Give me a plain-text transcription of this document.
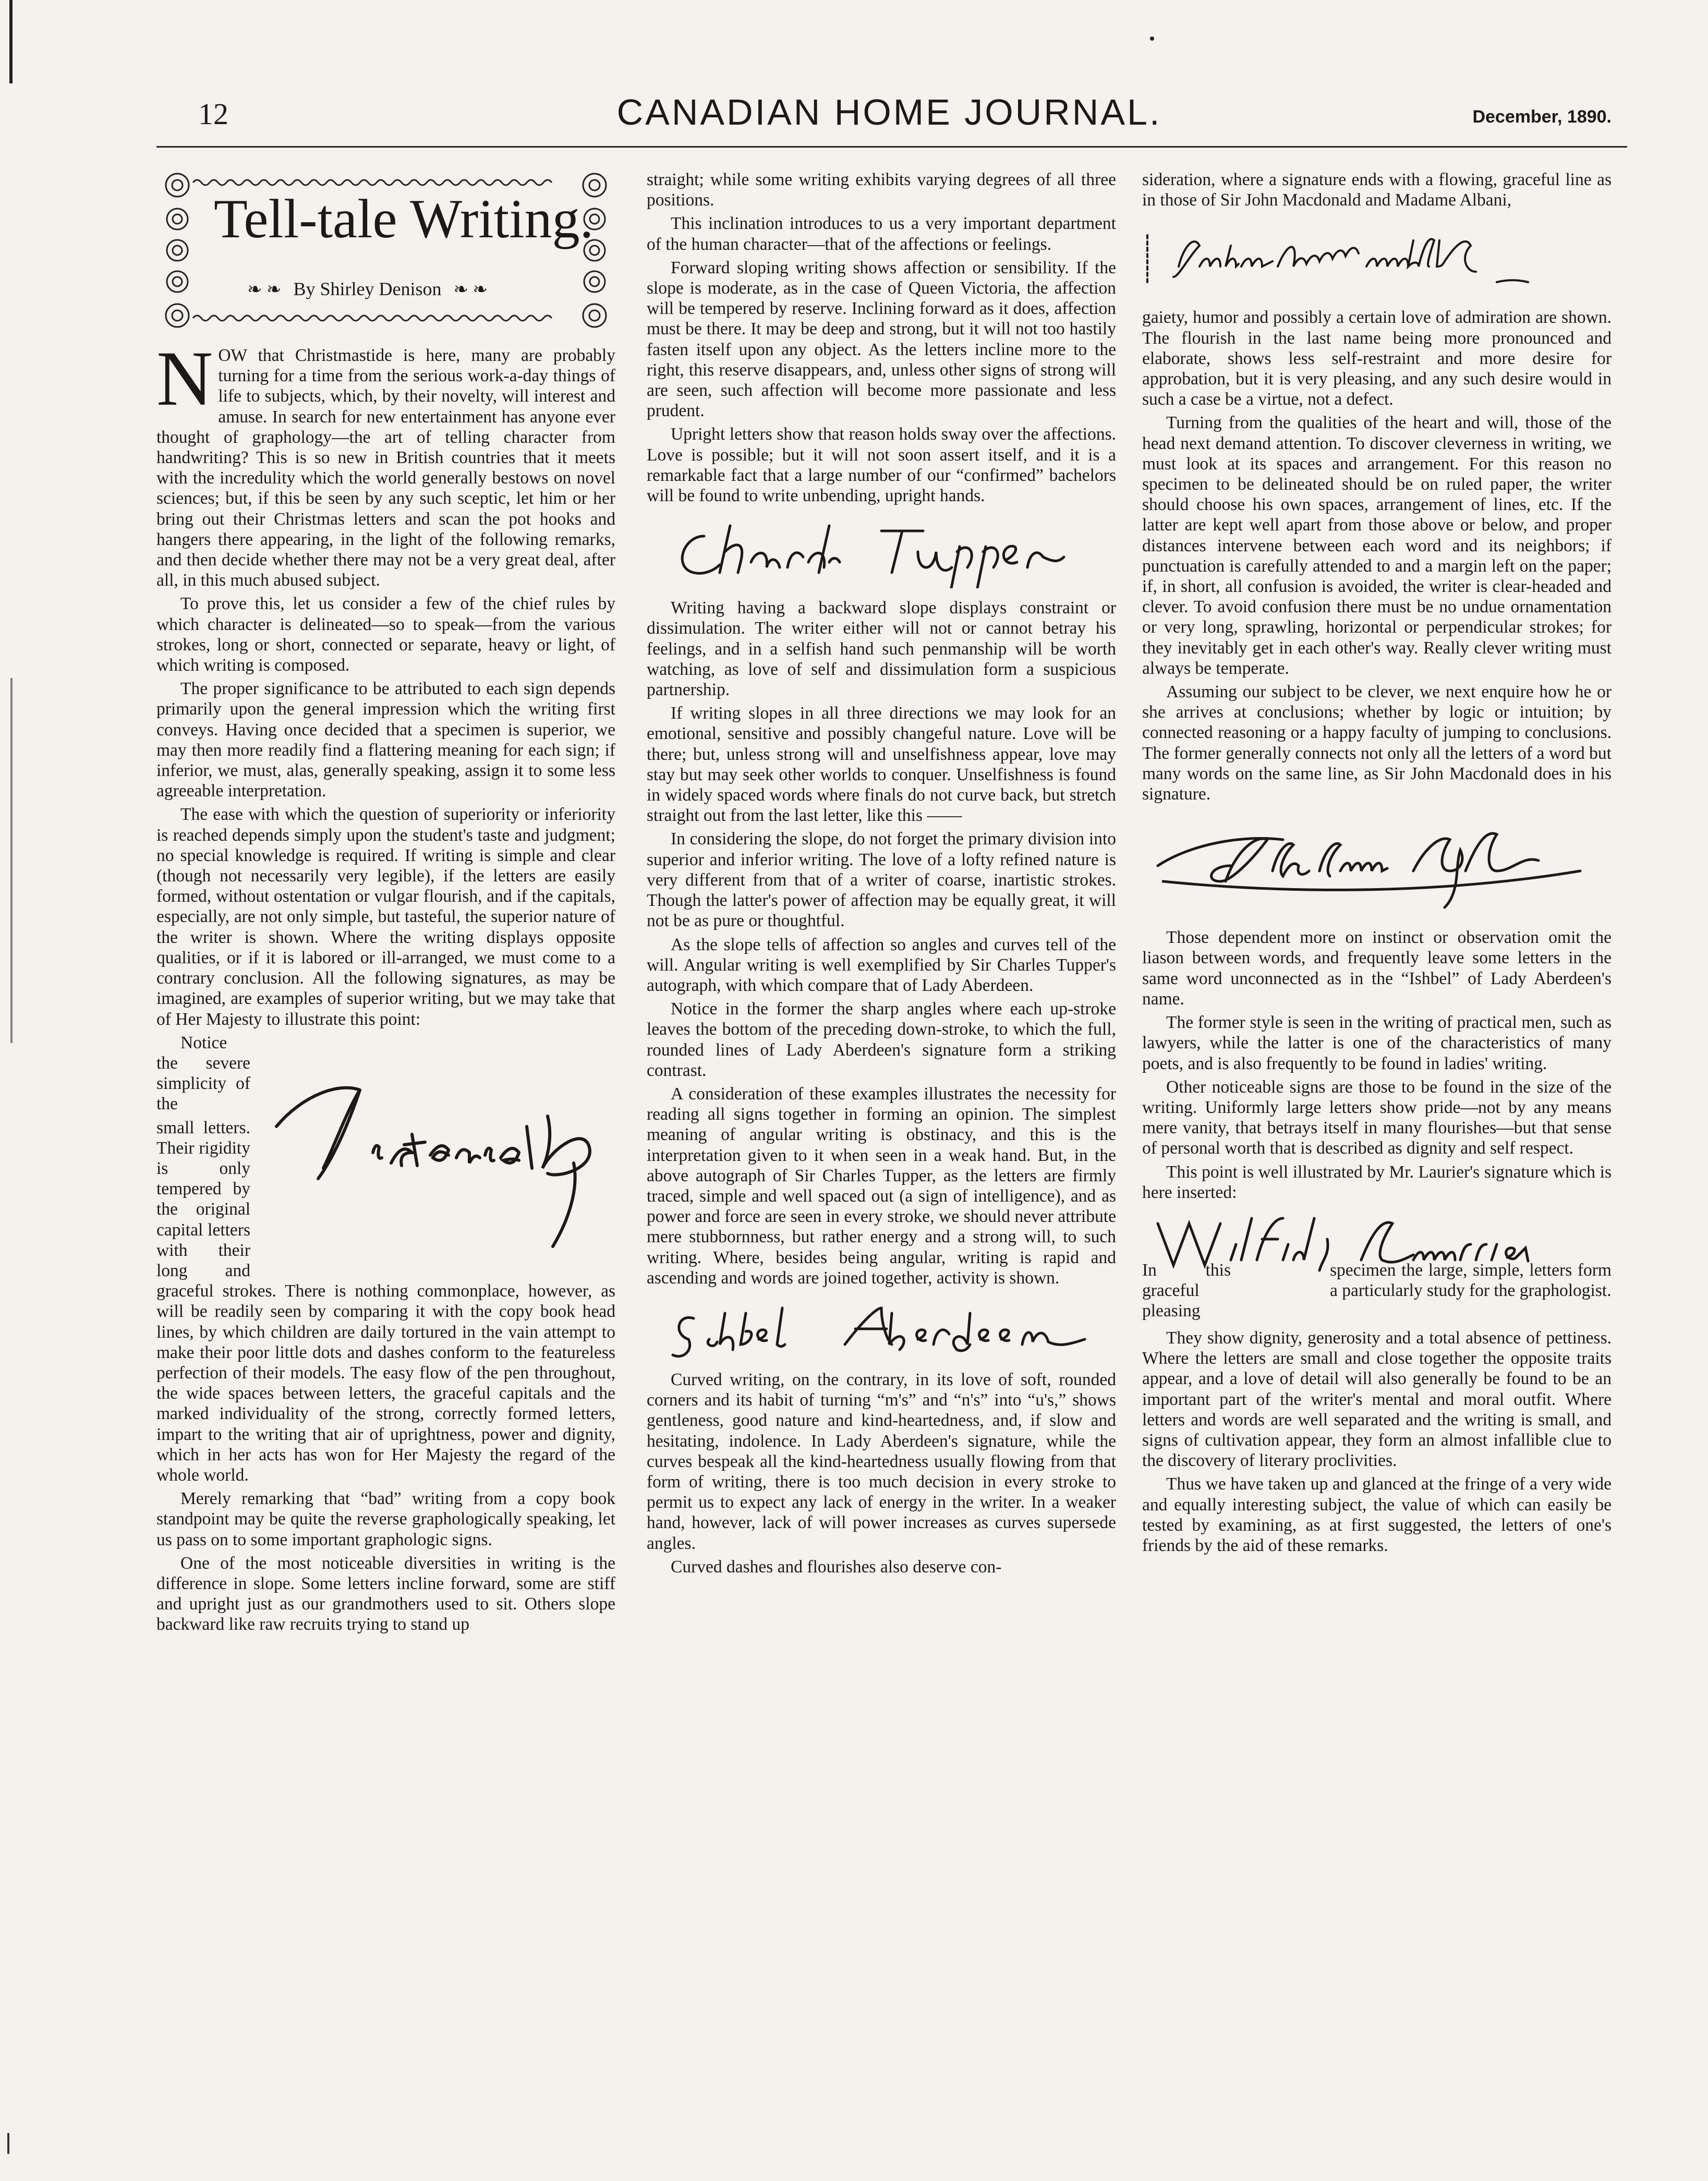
12	CANADIAN HOME JOURNAL.	December, 1890.
Tell-tale Writing.
❧ ❧ By Shirley Denison ❧ ❧

NOW that Christmastide is here, many are probably turning for a time from the serious work-a-day things of life to subjects, which, by their novelty, will interest and amuse. In search for new entertainment has anyone ever thought of graphology—the art of telling character from handwriting? This is so new in British countries that it meets with the incredulity which the world generally bestows on novel sciences; but, if this be seen by any such sceptic, let him or her bring out their Christmas letters and scan the pot hooks and hangers there appearing, in the light of the following remarks, and then decide whether there may not be a very great deal, after all, in this much abused subject.

To prove this, let us consider a few of the chief rules by which character is delineated—so to speak—from the various strokes, long or short, connected or separate, heavy or light, of which writing is composed.

The proper significance to be attributed to each sign depends primarily upon the general impression which the writing first conveys. Having once decided that a specimen is superior, we may then more readily find a flattering meaning for each sign; if inferior, we must, alas, generally speaking, assign it to some less agreeable interpretation.

The ease with which the question of superiority or inferiority is reached depends simply upon the student's taste and judgment; no special knowledge is required. If writing is simple and clear (though not necessarily very legible), if the letters are easily formed, without ostentation or vulgar flourish, and if the capitals, especially, are not only simple, but tasteful, the superior nature of the writer is shown. Where the writing displays opposite qualities, or if it is labored or ill-arranged, we must come to a contrary conclusion. All the following signatures, as may be imagined, are examples of superior writing, but we may take that of Her Majesty to illustrate this point:

Notice the severe simplicity of the

small letters. Their rigidity is only tempered by the original capital letters with their long and graceful strokes. There is nothing commonplace, however, as will be readily seen by comparing it with the copy book head lines, by which children are daily tortured in the vain attempt to make their poor little dots and dashes conform to the featureless perfection of their models. The easy flow of the pen throughout, the wide spaces between letters, the graceful capitals and the marked individuality of the strong, correctly formed letters, impart to the writing that air of uprightness, power and dignity, which in her acts has won for Her Majesty the regard of the whole world.

Merely remarking that “bad” writing from a copy book standpoint may be quite the reverse graphologically speaking, let us pass on to some important graphologic signs.

One of the most noticeable diversities in writing is the difference in slope. Some letters incline forward, some are stiff and upright just as our grandmothers used to sit. Others slope backward like raw recruits trying to stand up

straight; while some writing exhibits varying degrees of all three positions.

This inclination introduces to us a very important department of the human character—that of the affections or feelings.

Forward sloping writing shows affection or sensibility. If the slope is moderate, as in the case of Queen Victoria, the affection will be tempered by reserve. Inclining forward as it does, affection must be there. It may be deep and strong, but it will not too hastily fasten itself upon any object. As the letters incline more to the right, this reserve disappears, and, unless other signs of strong will are seen, such affection will become more passionate and less prudent.

Upright letters show that reason holds sway over the affections. Love is possible; but it will not soon assert itself, and it is a remarkable fact that a large number of our “confirmed” bachelors will be found to write unbending, upright hands.

Writing having a backward slope displays constraint or dissimulation. The writer either will not or cannot betray his feelings, and in a selfish hand such penmanship will be worth watching, as love of self and dissimulation form a suspicious partnership.

If writing slopes in all three directions we may look for an emotional, sensitive and possibly changeful nature. Love will be there; but, unless strong will and unselfishness appear, love may stay but may seek other worlds to conquer. Unselfishness is found in widely spaced words where finals do not curve back, but stretch straight out from the last letter, like this ——

In considering the slope, do not forget the primary division into superior and inferior writing. The love of a lofty refined nature is very different from that of a writer of coarse, inartistic strokes. Though the latter's power of affection may be equally great, it will not be as pure or thoughtful.

As the slope tells of affection so angles and curves tell of the will. Angular writing is well exemplified by Sir Charles Tupper's autograph, with which compare that of Lady Aberdeen.

Notice in the former the sharp angles where each up-stroke leaves the bottom of the preceding down-stroke, to which the full, rounded lines of Lady Aberdeen's signature form a striking contrast.

A consideration of these examples illustrates the necessity for reading all signs together in forming an opinion. The simplest meaning of angular writing is obstinacy, and this is the interpretation given to it when seen in a weak hand. But, in the above autograph of Sir Charles Tupper, as the letters are firmly traced, simple and well spaced out (a sign of intelligence), and as power and force are seen in every stroke, we should never attribute mere stubbornness, but rather energy and a strong will, to such writing. Where, besides being angular, writing is rapid and ascending and words are joined together, activity is shown.

Curved writing, on the contrary, in its love of soft, rounded corners and its habit of turning “m's” and “n's” into “u's,” shows gentleness, good nature and kind-heartedness, and, if slow and hesitating, indolence. In Lady Aberdeen's signature, while the curves bespeak all the kind-heartedness usually flowing from that form of writing, there is too much decision in every stroke to permit us to expect any lack of energy in the writer. In a weaker hand, however, lack of will power increases as curves supersede angles.

Curved dashes and flourishes also deserve con-

sideration, where a signature ends with a flowing, graceful line as in those of Sir John Macdonald and Madame Albani,

gaiety, humor and possibly a certain love of admiration are shown. The flourish in the last name being more pronounced and elaborate, shows less self-restraint and more desire for approbation, but it is very pleasing, and any such desire would in such a case be a virtue, not a defect.

Turning from the qualities of the heart and will, those of the head next demand attention. To discover cleverness in writing, we must look at its spaces and arrangement. For this reason no specimen to be delineated should be on ruled paper, the writer should choose his own spaces, arrangement of lines, etc. If the latter are kept well apart from those above or below, and proper distances intervene between each word and its neighbors; if punctuation is carefully attended to and a margin left on the paper; if, in short, all confusion is avoided, the writer is clear-headed and clever. To avoid confusion there must be no undue ornamentation or very long, sprawling, horizontal or perpendicular strokes; for they inevitably get in each other's way. Really clever writing must always be temperate.

Assuming our subject to be clever, we next enquire how he or she arrives at conclusions; whether by logic or intuition; by connected reasoning or a happy faculty of jumping to conclusions. The former generally connects not only all the letters of a word but many words on the same line, as Sir John Macdonald does in his signature.

Those dependent more on instinct or observation omit the liason between words, and frequently leave some letters in the same word unconnected as in the “Ishbel” of Lady Aberdeen's name.

The former style is seen in the writing of practical men, such as lawyers, while the latter is one of the characteristics of many poets, and is also frequently to be found in ladies' writing.

Other noticeable signs are those to be found in the size of the writing. Uniformly large letters show pride—not by any means mere vanity, that betrays itself in many flourishes—but that sense of personal worth that is described as dignity and self respect.

This point is well illustrated by Mr. Laurier's signature which is here inserted:

In this graceful pleasing
specimen the large, simple, letters form a particularly study for the graphologist.

They show dignity, generosity and a total absence of pettiness. Where the letters are small and close together the opposite traits appear, and a love of detail will also generally be found to be an important part of the writer's mental and moral outfit. Where letters and words are well separated and the writing is small, and signs of cultivation appear, they form an almost infallible clue to the discovery of literary proclivities.

Thus we have taken up and glanced at the fringe of a very wide and equally interesting subject, the value of which can easily be tested by examining, as at first suggested, the letters of one's friends by the aid of these remarks.
